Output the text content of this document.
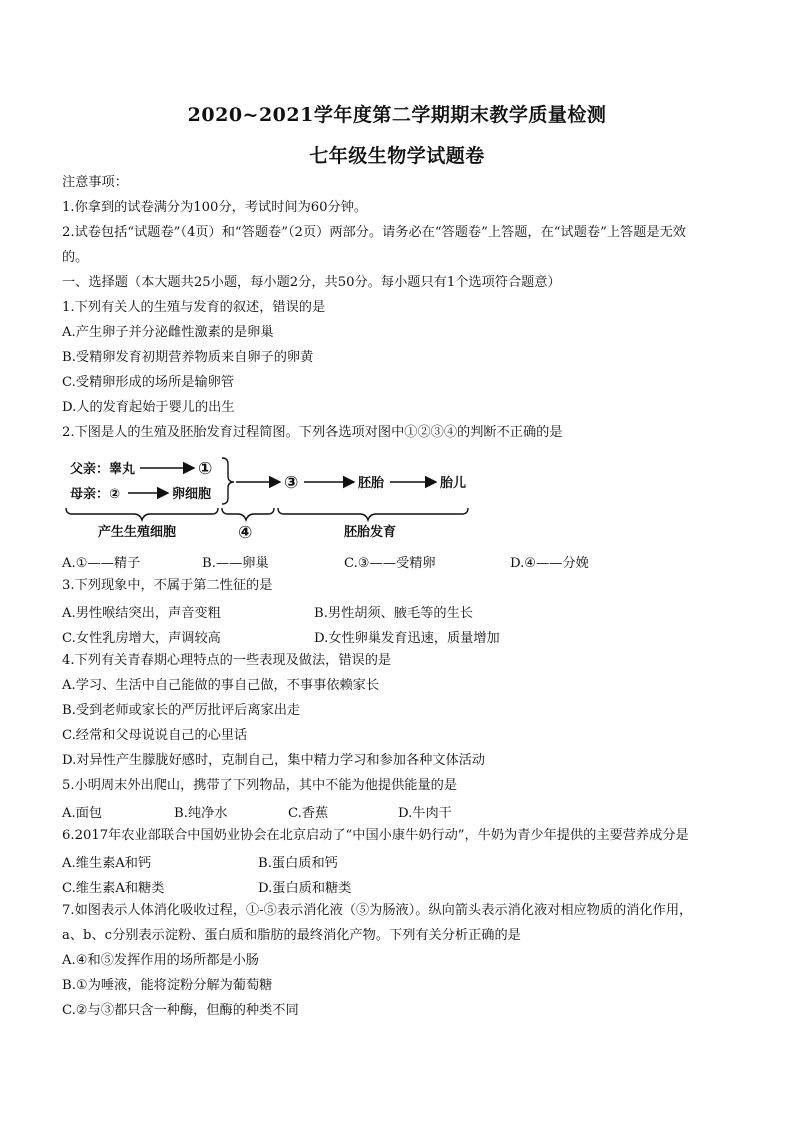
2020~2021学年度第二学期期末教学质量检测
七年级生物学试题卷
注意事项：
1.你拿到的试卷满分为100分，考试时间为60分钟。
2.试卷包括“试题卷”（4页）和“答题卷”（2页）两部分。请务必在“答题卷”上答题，在“试题卷”上答题是无效
的。
一、选择题（本大题共25小题，每小题2分，共50分。每小题只有1个选项符合题意）
1.下列有关人的生殖与发育的叙述，错误的是
A.产生卵子并分泌雌性激素的是卵巢
B.受精卵发育初期营养物质来自卵子的卵黄
C.受精卵形成的场所是输卵管
D.人的发育起始于婴儿的出生
2.下图是人的生殖及胚胎发育过程简图。下列各选项对图中①②③④的判断不正确的是
父亲：睾丸	①
母亲：②	卵细胞
③	胚胎	胎儿
产生生殖细胞	④	胚胎发育
A.①——精子	B.——卵巢	C.③——受精卵	D.④——分娩
3.下列现象中，不属于第二性征的是
A.男性喉结突出，声音变粗	B.男性胡须、腋毛等的生长
C.女性乳房增大，声调较高	D.女性卵巢发育迅速，质量增加
4.下列有关青春期心理特点的一些表现及做法，错误的是
A.学习、生活中自己能做的事自己做，不事事依赖家长
B.受到老师或家长的严厉批评后离家出走
C.经常和父母说说自己的心里话
D.对异性产生朦胧好感时，克制自己，集中精力学习和参加各种文体活动
5.小明周末外出爬山，携带了下列物品，其中不能为他提供能量的是
A.面包	B.纯净水	C.香蕉	D.牛肉干
6.2017年农业部联合中国奶业协会在北京启动了“中国小康牛奶行动”，牛奶为青少年提供的主要营养成分是
A.维生素A和钙	B.蛋白质和钙
C.维生素A和糖类	D.蛋白质和糖类
7.如图表示人体消化吸收过程，①-⑤表示消化液（⑤为肠液）。纵向箭头表示消化液对相应物质的消化作用，
a、b、c分别表示淀粉、蛋白质和脂肪的最终消化产物。下列有关分析正确的是
A.④和⑤发挥作用的场所都是小肠
B.①为唾液，能将淀粉分解为葡萄糖
C.②与③都只含一种酶，但酶的种类不同
